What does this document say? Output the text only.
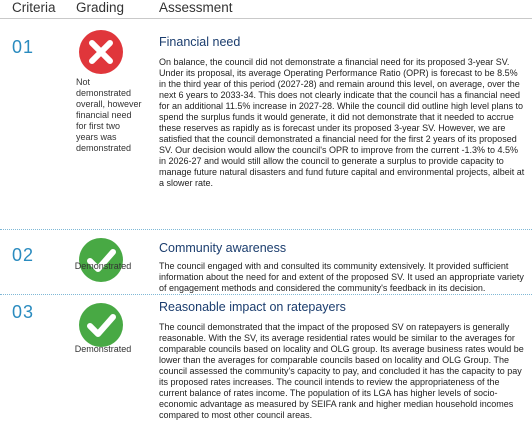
Criteria Grading	Assessment
01
Not demonstrated overall, however financial need for first two years was demonstrated
Financial need
On balance, the council did not demonstrate a financial need for its proposed 3-year SV. Under its proposal, its average Operating Performance Ratio (OPR) is forecast to be 8.5% in the third year of this period (2027-28) and remain around this level, on average, over the next 6 years to 2033-34. This does not clearly indicate that the council has a financial need for an additional 11.5% increase in 2027-28. While the council did outline high level plans to spend the surplus funds it would generate, it did not demonstrate that it needed to accrue these reserves as rapidly as is forecast under its proposed 3-year SV. However, we are satisfied that the council demonstrated a financial need for the first 2 years of its proposed SV. Our decision would allow the council's OPR to improve from the current -1.3% to 4.5% in 2026-27 and would still allow the council to generate a surplus to provide capacity to manage future natural disasters and fund future capital and environmental projects, albeit at a slower rate.
02
Demonstrated
Community awareness
The council engaged with and consulted its community extensively. It provided sufficient information about the need for and extent of the proposed SV. It used an appropriate variety of engagement methods and considered the community's feedback in its decision.
03
Demonstrated
Reasonable impact on ratepayers
The council demonstrated that the impact of the proposed SV on ratepayers is generally reasonable. With the SV, its average residential rates would be similar to the averages for comparable councils based on locality and OLG group. Its average business rates would be lower than the averages for comparable councils based on locality and OLG Group. The council assessed the community's capacity to pay, and concluded it has the capacity to pay its proposed rates increases. The council intends to review the appropriateness of the current balance of rates income. The population of its LGA has higher levels of socio-economic advantage as measured by SEIFA rank and higher median household incomes compared to most other council areas.
